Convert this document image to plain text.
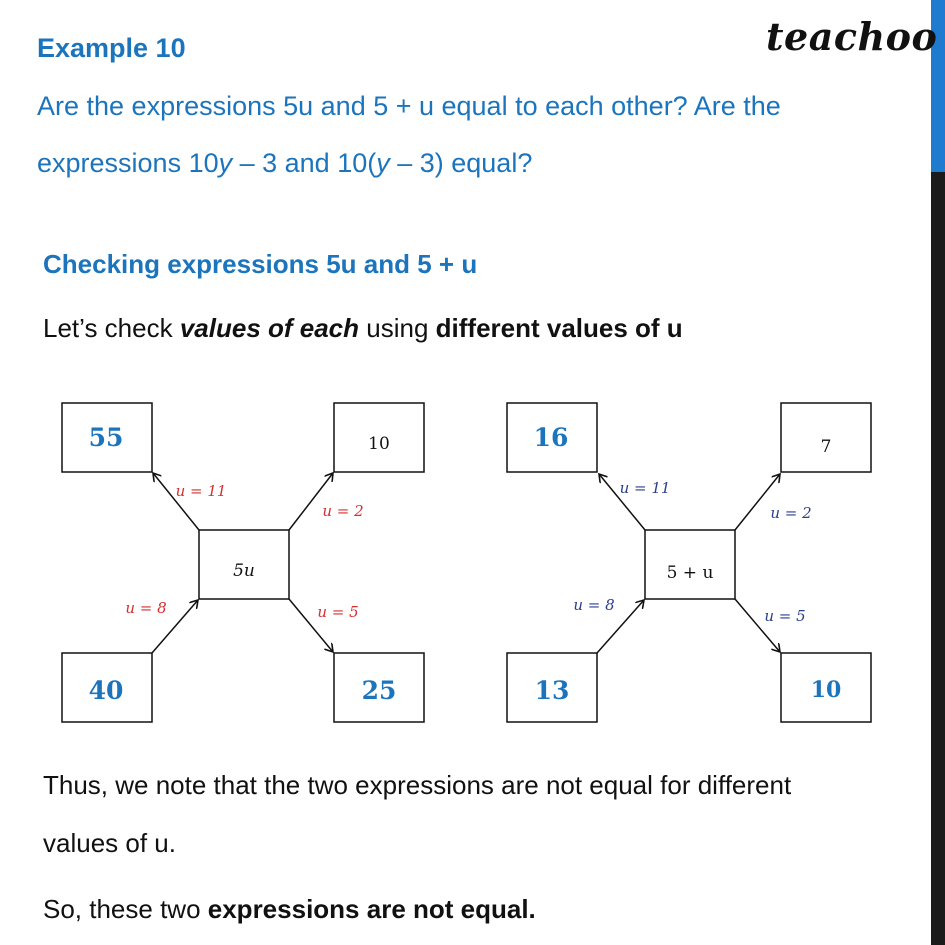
teachoo
Example 10
Are the expressions 5u and 5 + u equal to each other? Are the
expressions 10y – 3 and 10(y – 3) equal?
Checking expressions 5u and 5 + u
Let’s check values of each using different values of u
55	10
5u
40	25
u = 11
u = 2
u = 8	u = 5
16	7
5 + u
13	10
u = 11
u = 2
u = 8
u = 5
Thus, we note that the two expressions are not equal for different
values of u.
So, these two expressions are not equal.
